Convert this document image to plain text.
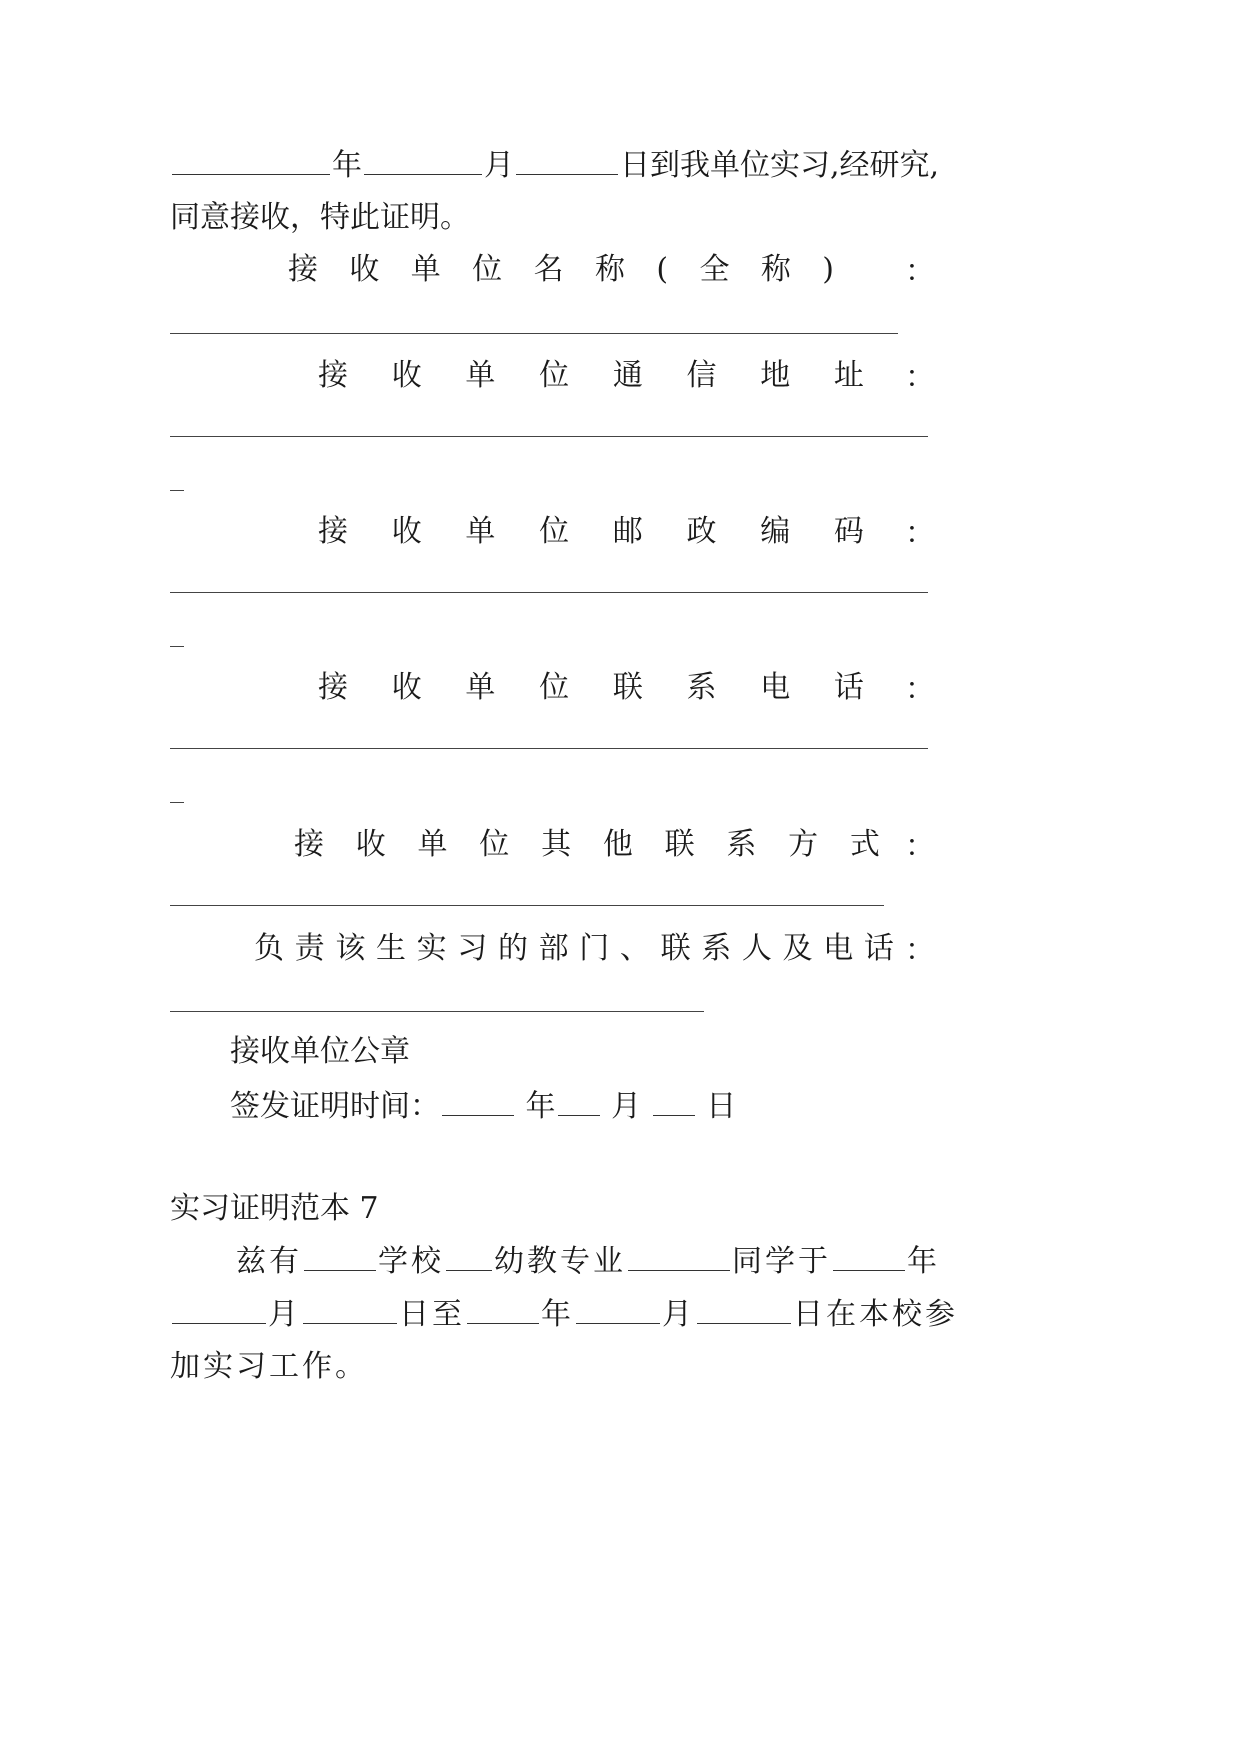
年	月	日到我单位实习,经研究,
同意接收，特此证明。
接 收 单 位 名 称 ( 全 称 ) ：
接 收 单 位 通 信 地 址 ：
接 收 单 位 邮 政 编 码 ：
接 收 单 位 联 系 电 话 ：
接 收 单 位 其 他 联 系 方 式 ：
负 责 该 生 实 习 的 部 门 、 联 系 人 及 电 话 ：
接收单位公章
签发证明时间：	年 月 日
实习证明范本 7
兹有	学校 幼教专业	同学于	年
月	日至	年	月	日在本校参
加实习工作。
